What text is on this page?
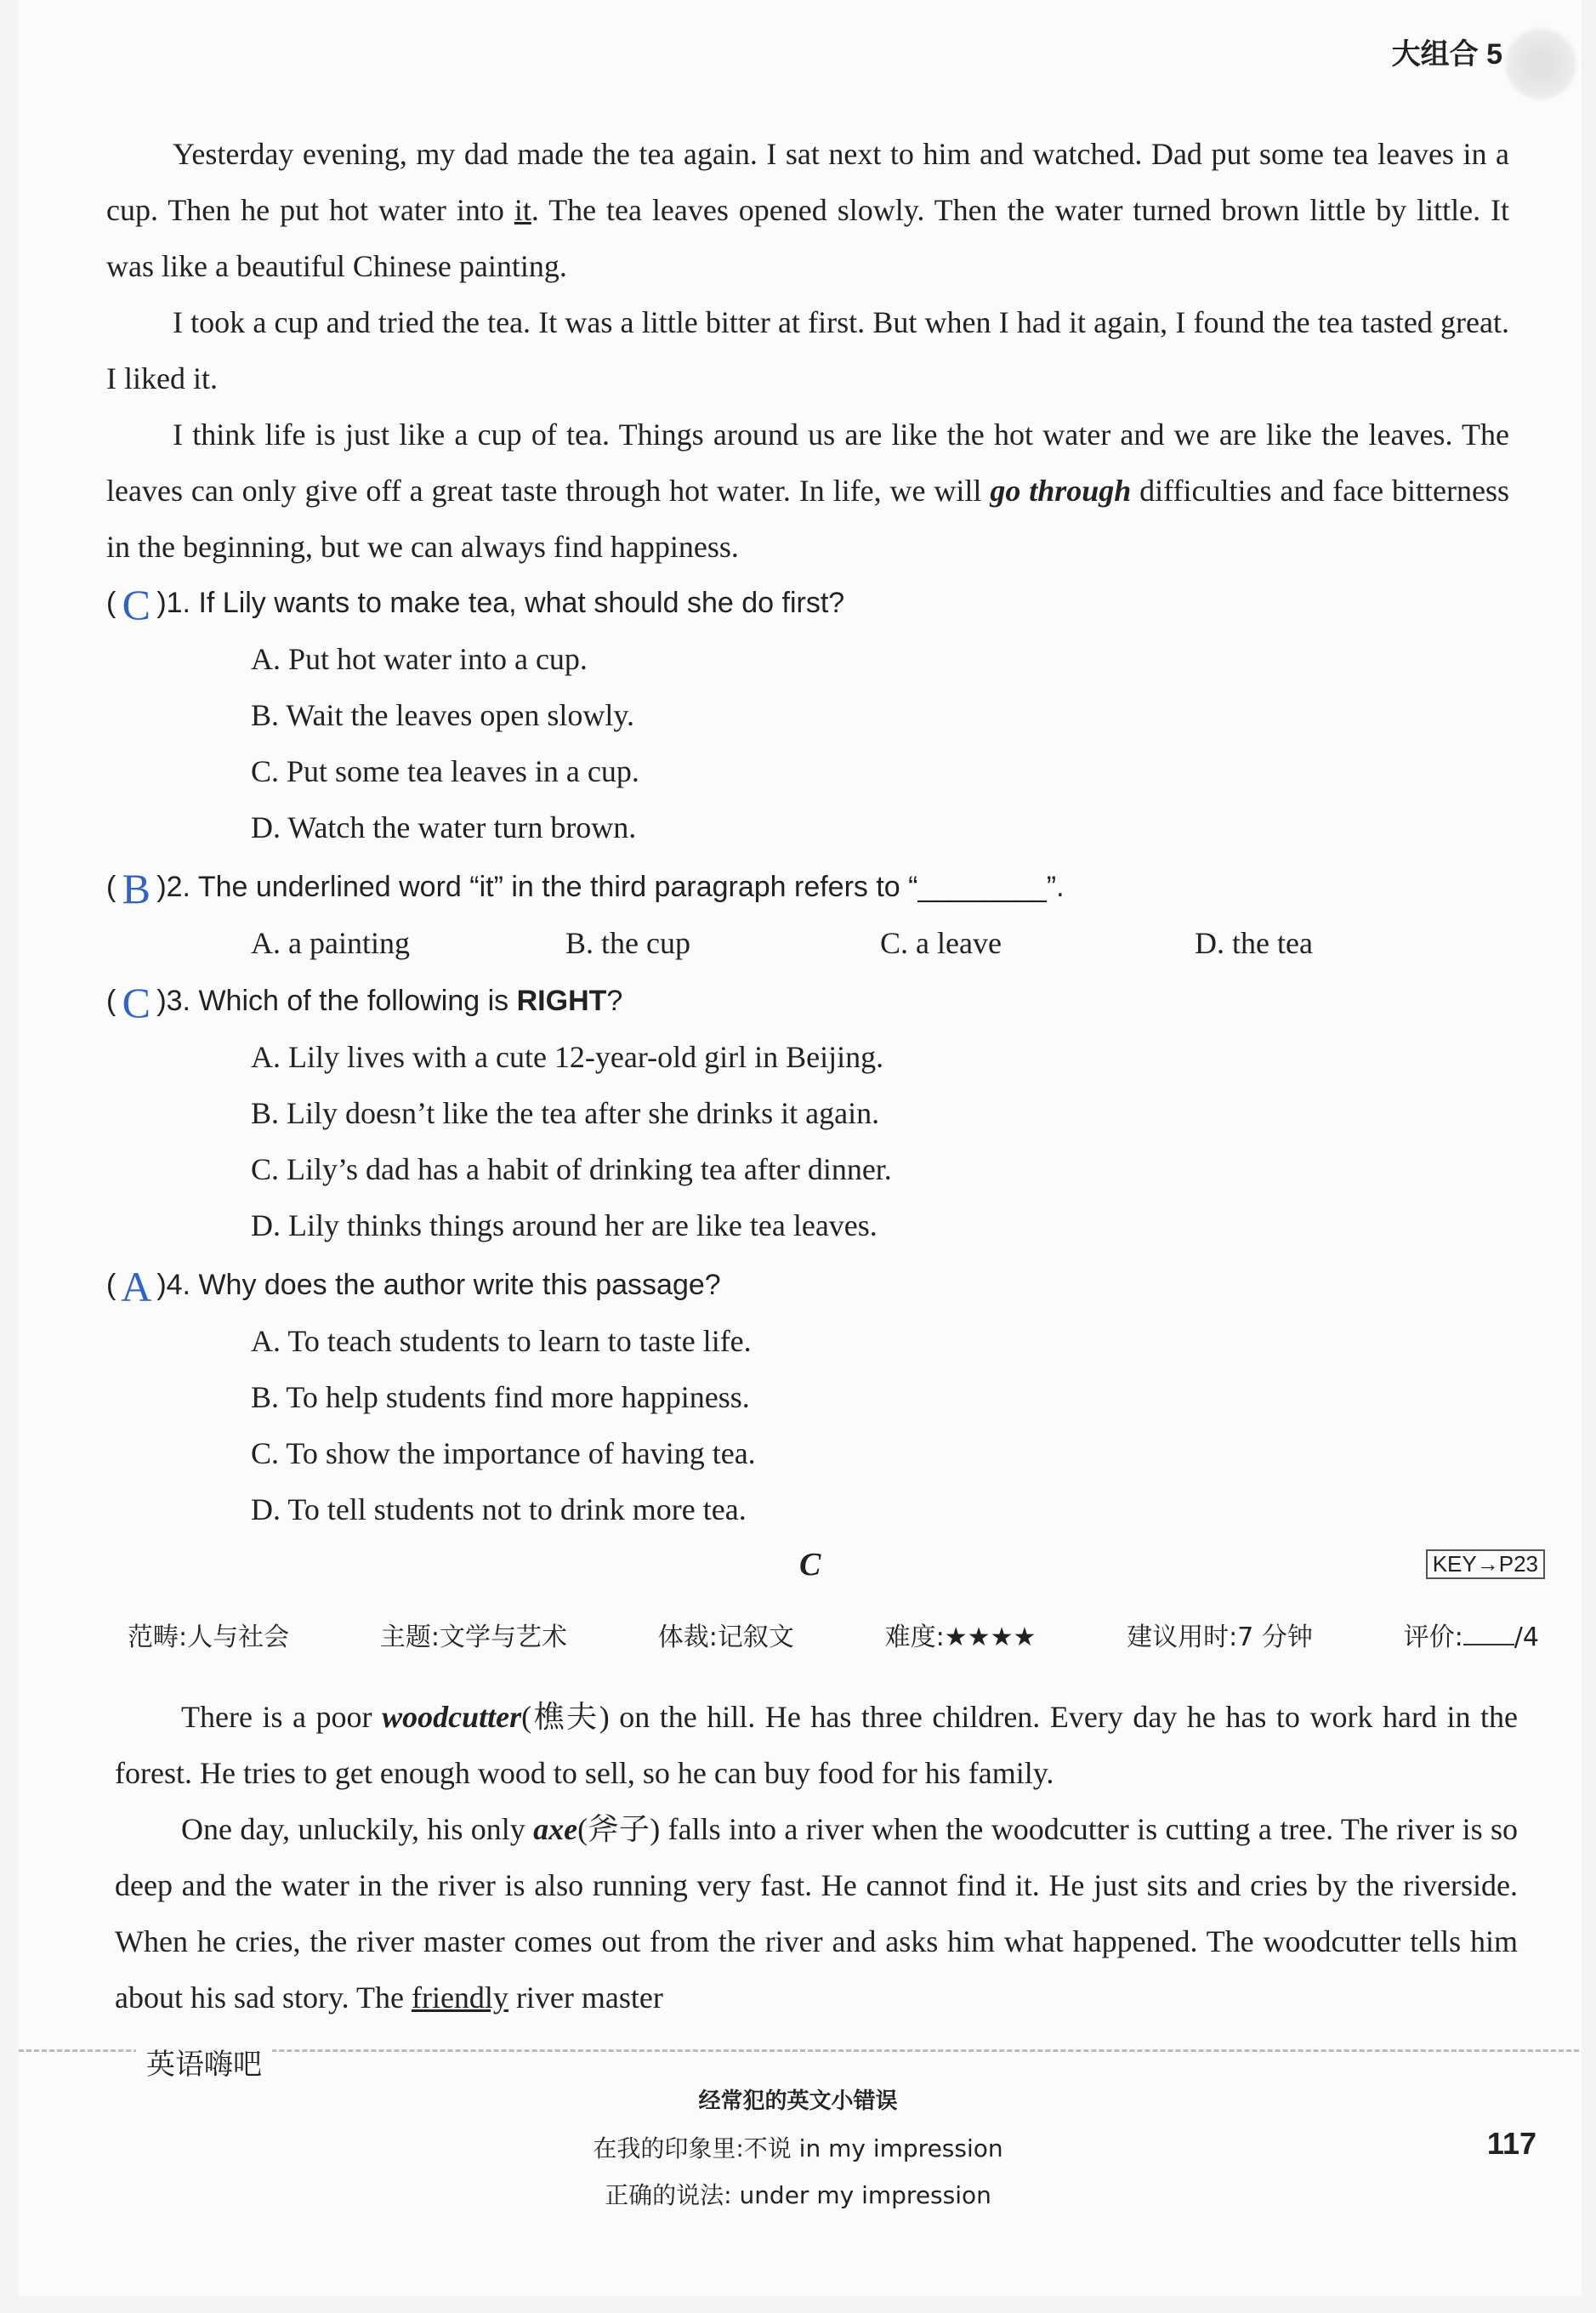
大组合 5

Yesterday evening, my dad made the tea again. I sat next to him and watched. Dad put some tea leaves in a cup. Then he put hot water into it. The tea leaves opened slowly. Then the water turned brown little by little. It was like a beautiful Chinese painting.

I took a cup and tried the tea. It was a little bitter at first. But when I had it again, I found the tea tasted great. I liked it.

I think life is just like a cup of tea. Things around us are like the hot water and we are like the leaves. The leaves can only give off a great taste through hot water. In life, we will go through difficulties and face bitterness in the beginning, but we can always find happiness.

( C )1. If Lily wants to make tea, what should she do first?
A. Put hot water into a cup.
B. Wait the leaves open slowly.
C. Put some tea leaves in a cup.
D. Watch the water turn brown.
( B )2. The underlined word “it” in the third paragraph refers to “________”.
A. a painting	B. the cup	C. a leave	D. the tea
( C )3. Which of the following is RIGHT?
A. Lily lives with a cute 12-year-old girl in Beijing.
B. Lily doesn’t like the tea after she drinks it again.
C. Lily’s dad has a habit of drinking tea after dinner.
D. Lily thinks things around her are like tea leaves.
( A )4. Why does the author write this passage?
A. To teach students to learn to taste life.
B. To help students find more happiness.
C. To show the importance of having tea.
D. To tell students not to drink more tea.
C	KEY→P23
范畴:人与社会	主题:文学与艺术	体裁:记叙文	难度:★★★★	建议用时:7 分钟	评价: /4

There is a poor woodcutter(樵夫) on the hill. He has three children. Every day he has to work hard in the forest. He tries to get enough wood to sell, so he can buy food for his family.

One day, unluckily, his only axe(斧子) falls into a river when the woodcutter is cutting a tree. The river is so deep and the water in the river is also running very fast. He cannot find it. He just sits and cries by the riverside. When he cries, the river master comes out from the river and asks him what happened. The woodcutter tells him about his sad story. The friendly river master

英语嗨吧
经常犯的英文小错误
在我的印象里:不说 in my impression
正确的说法: under my impression
117
